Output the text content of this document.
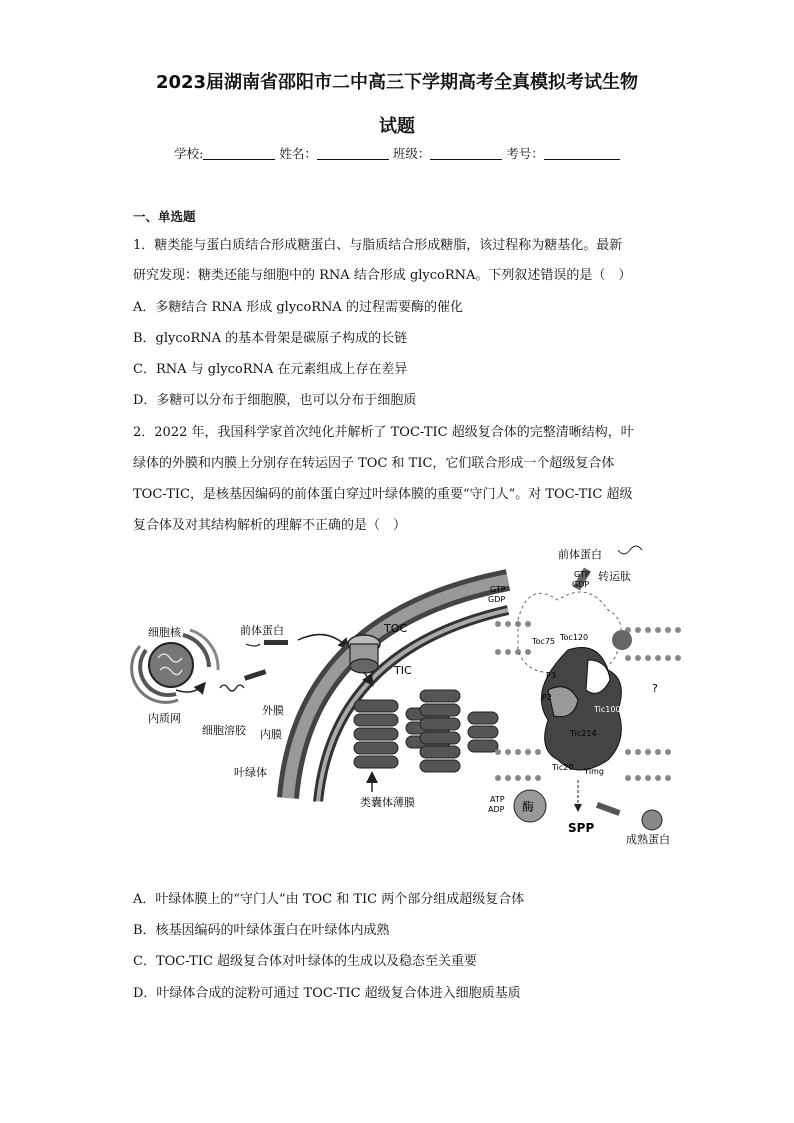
2023届湖南省邵阳市二中高三下学期高考全真模拟考试生物
试题
学校:	姓名：	班级：	考号：
一、单选题
1．糖类能与蛋白质结合形成糖蛋白、与脂质结合形成糖脂，该过程称为糖基化。最新
研究发现：糖类还能与细胞中的 RNA 结合形成 glycoRNA。下列叙述错误的是（　）
A．多糖结合 RNA 形成 glycoRNA 的过程需要酶的催化
B．glycoRNA 的基本骨架是碳原子构成的长链
C．RNA 与 glycoRNA 在元素组成上存在差异
D．多糖可以分布于细胞膜，也可以分布于细胞质
2．2022 年，我国科学家首次纯化并解析了 TOC-TIC 超级复合体的完整清晰结构，叶
绿体的外膜和内膜上分别存在转运因子 TOC 和 TIC，它们联合形成一个超级复合体
TOC-TIC，是核基因编码的前体蛋白穿过叶绿体膜的重要“守门人”。对 TOC-TIC 超级
复合体及对其结构解析的理解不正确的是（　）
细胞核
内质网
细胞溶胶
前体蛋白	TOC
TIC
外膜
内膜
叶绿体
类囊体薄膜
前体蛋白
转运肽
GTP
GDP
GTP
GDP
Toc75 Toc120
P3
P2
Tic100
Tic214
Tic20 Ylmg
?
ATP
ADP 酶
SPP
成熟蛋白
A．叶绿体膜上的“守门人”由 TOC 和 TIC 两个部分组成超级复合体
B．核基因编码的叶绿体蛋白在叶绿体内成熟
C．TOC-TIC 超级复合体对叶绿体的生成以及稳态至关重要
D．叶绿体合成的淀粉可通过 TOC-TIC 超级复合体进入细胞质基质
